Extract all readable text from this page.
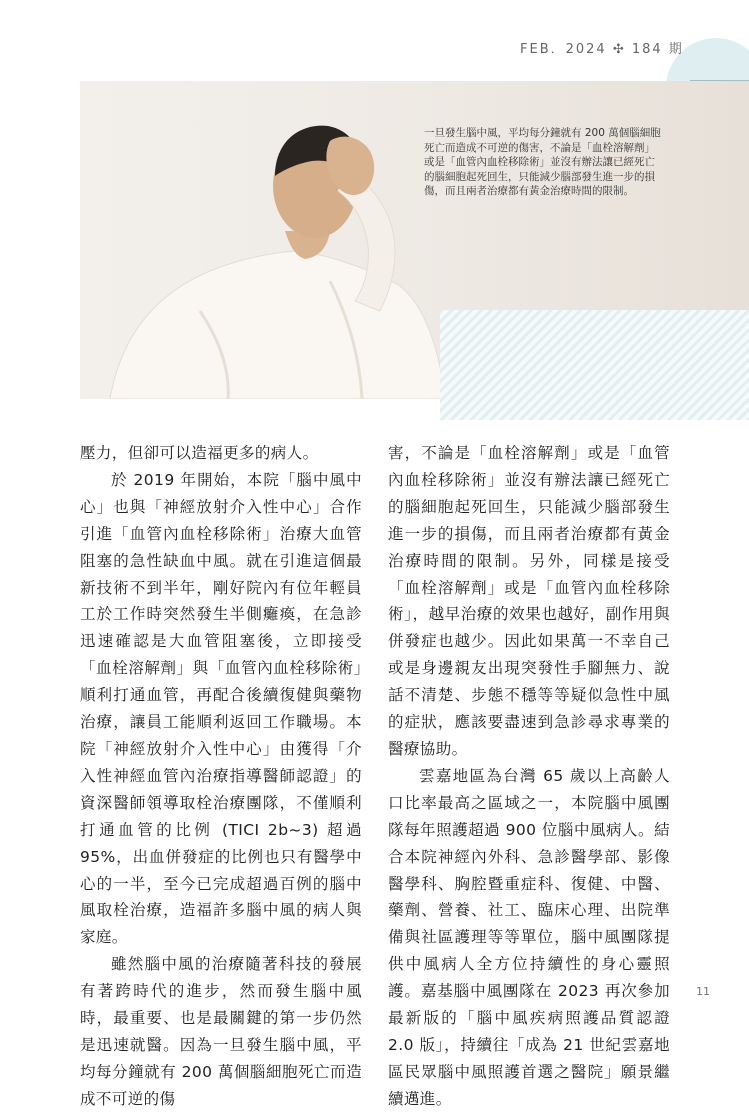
FEB．2024 ✣ 184 期
一旦發生腦中風，平均每分鐘就有 200 萬個腦細胞死亡而造成不可逆的傷害，不論是「血栓溶解劑」或是「血管內血栓移除術」並沒有辦法讓已經死亡的腦細胞起死回生，只能減少腦部發生進一步的損傷，而且兩者治療都有黃金治療時間的限制。

壓力，但卻可以造福更多的病人。

於 2019 年開始，本院「腦中風中心」也與「神經放射介入性中心」合作引進「血管內血栓移除術」治療大血管阻塞的急性缺血中風。就在引進這個最新技術不到半年，剛好院內有位年輕員工於工作時突然發生半側癱瘓，在急診迅速確認是大血管阻塞後，立即接受「血栓溶解劑」與「血管內血栓移除術」順利打通血管，再配合後續復健與藥物治療，讓員工能順利返回工作職場。本院「神經放射介入性中心」由獲得「介入性神經血管內治療指導醫師認證」的資深醫師領導取栓治療團隊，不僅順利打通血管的比例 (TICI 2b~3) 超過 95%，出血併發症的比例也只有醫學中心的一半，至今已完成超過百例的腦中風取栓治療，造福許多腦中風的病人與家庭。

雖然腦中風的治療隨著科技的發展有著跨時代的進步，然而發生腦中風時，最重要、也是最關鍵的第一步仍然是迅速就醫。因為一旦發生腦中風，平均每分鐘就有 200 萬個腦細胞死亡而造成不可逆的傷

害，不論是「血栓溶解劑」或是「血管內血栓移除術」並沒有辦法讓已經死亡的腦細胞起死回生，只能減少腦部發生進一步的損傷，而且兩者治療都有黃金治療時間的限制。另外，同樣是接受「血栓溶解劑」或是「血管內血栓移除術」，越早治療的效果也越好，副作用與併發症也越少。因此如果萬一不幸自己或是身邊親友出現突發性手腳無力、說話不清楚、步態不穩等等疑似急性中風的症狀，應該要盡速到急診尋求專業的醫療協助。

雲嘉地區為台灣 65 歲以上高齡人口比率最高之區域之一，本院腦中風團隊每年照護超過 900 位腦中風病人。結合本院神經內外科、急診醫學部、影像醫學科、胸腔暨重症科、復健、中醫、藥劑、營養、社工、臨床心理、出院準備與社區護理等等單位，腦中風團隊提供中風病人全方位持續性的身心靈照護。嘉基腦中風團隊在 2023 再次參加最新版的「腦中風疾病照護品質認證 2.0 版」，持續往「成為 21 世紀雲嘉地區民眾腦中風照護首選之醫院」願景繼續邁進。

11
